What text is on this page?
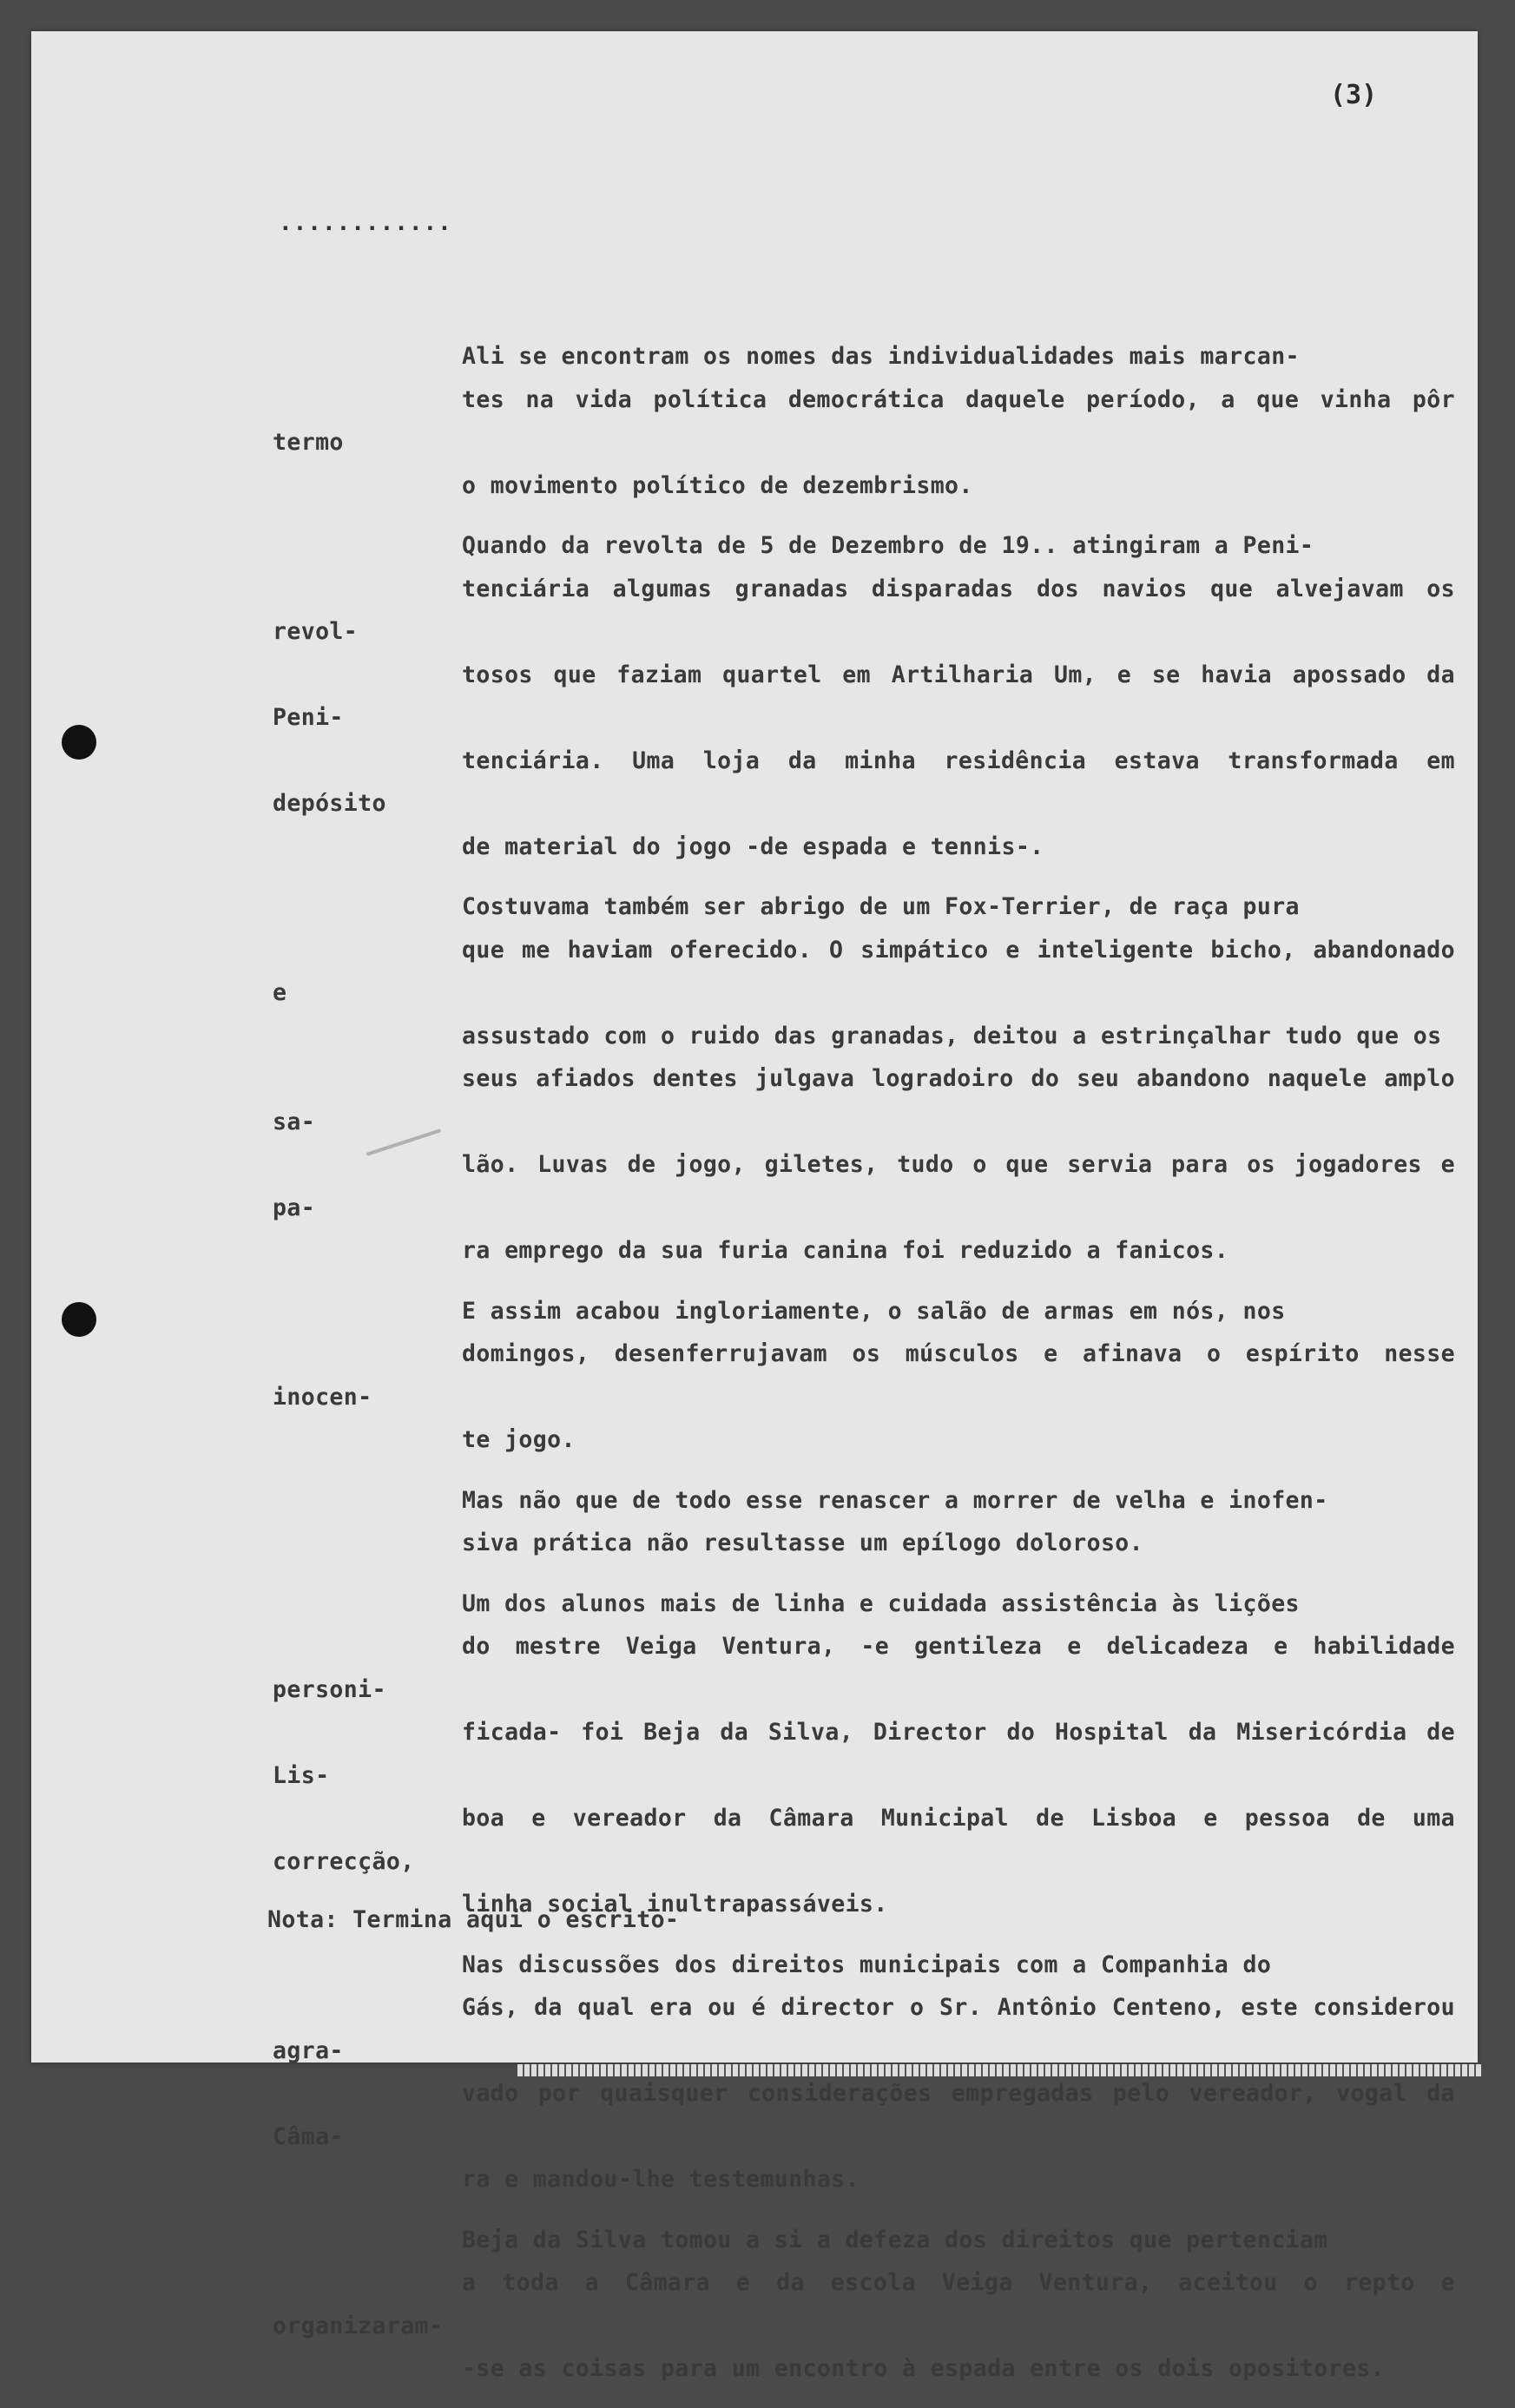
(3)
............
Ali se encontram os nomes das individualidades mais marcan-
tes na vida política democrática daquele período, a que vinha pôr termo
o movimento político de dezembrismo.
Quando da revolta de 5 de Dezembro de 19.. atingiram a Peni-
tenciária algumas granadas disparadas dos navios que alvejavam os revol-
tosos que faziam quartel em Artilharia Um, e se havia apossado da Peni-
tenciária. Uma loja da minha residência estava transformada em depósito
de material do jogo -de espada e tennis-.
Costuvama também ser abrigo de um Fox-Terrier, de raça pura
que me haviam oferecido. O simpático e inteligente bicho, abandonado e
assustado com o ruido das granadas, deitou a estrinçalhar tudo que os
seus afiados dentes julgava logradoiro do seu abandono naquele amplo sa-
lão. Luvas de jogo, giletes, tudo o que servia para os jogadores e pa-
ra emprego da sua furia canina foi reduzido a fanicos.
E assim acabou ingloriamente, o salão de armas em nós, nos
domingos, desenferrujavam os músculos e afinava o espírito nesse inocen-
te jogo.
Mas não que de todo esse renascer a morrer de velha e inofen-
siva prática não resultasse um epílogo doloroso.
Um dos alunos mais de linha e cuidada assistência às lições
do mestre Veiga Ventura, -e gentileza e delicadeza e habilidade personi-
ficada- foi Beja da Silva, Director do Hospital da Misericórdia de Lis-
boa e vereador da Câmara Municipal de Lisboa e pessoa de uma correcção,
linha social inultrapassáveis.
Nas discussões dos direitos municipais com a Companhia do
Gás, da qual era ou é director o Sr. Antônio Centeno, este considerou agra-
vado por quaisquer considerações empregadas pelo vereador, vogal da Câma-
ra e mandou-lhe testemunhas.
Beja da Silva tomou a si a defeza dos direitos que pertenciam
a toda a Câmara e da escola Veiga Ventura, aceitou o repto e organizaram-
-se as coisas para um encontro à espada entre os dois opositores.
Nota: Termina aqui o escrito-
